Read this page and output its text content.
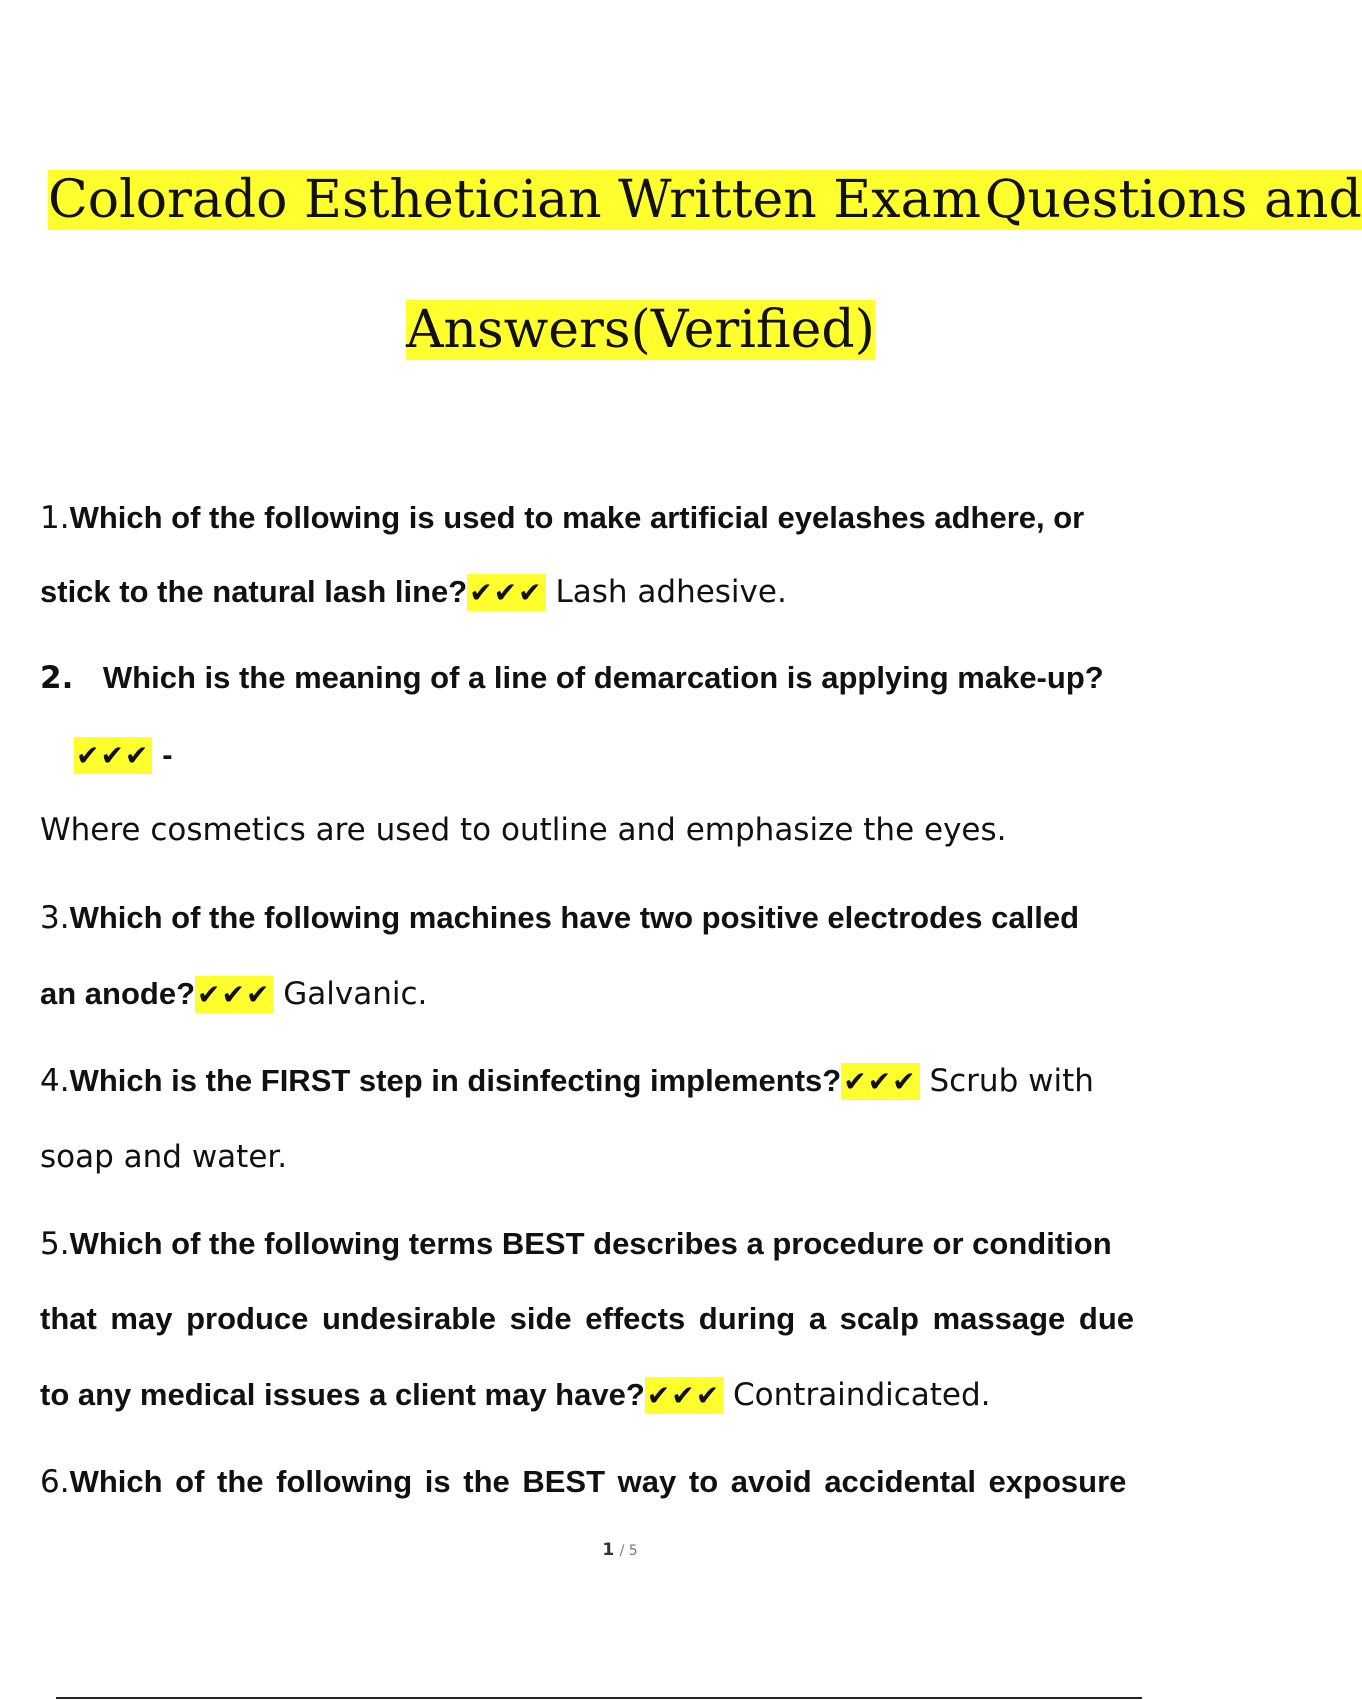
Colorado Esthetician Written ExamQuestions and
Answers(Verified)
1.Which of the following is used to make artificial eyelashes adhere, or
stick to the natural lash line?✔✔✔ Lash adhesive.
2. Which is the meaning of a line of demarcation is applying make-up?
✔✔✔ -
Where cosmetics are used to outline and emphasize the eyes.
3.Which of the following machines have two positive electrodes called
an anode?✔✔✔ Galvanic.
4.Which is the FIRST step in disinfecting implements?✔✔✔ Scrub with
soap and water.
5.Which of the following terms BEST describes a procedure or condition
that may produce undesirable side effects during a scalp massage due
to any medical issues a client may have?✔✔✔ Contraindicated.
6.Which of the following is the BEST way to avoid accidental exposure
1 / 5
